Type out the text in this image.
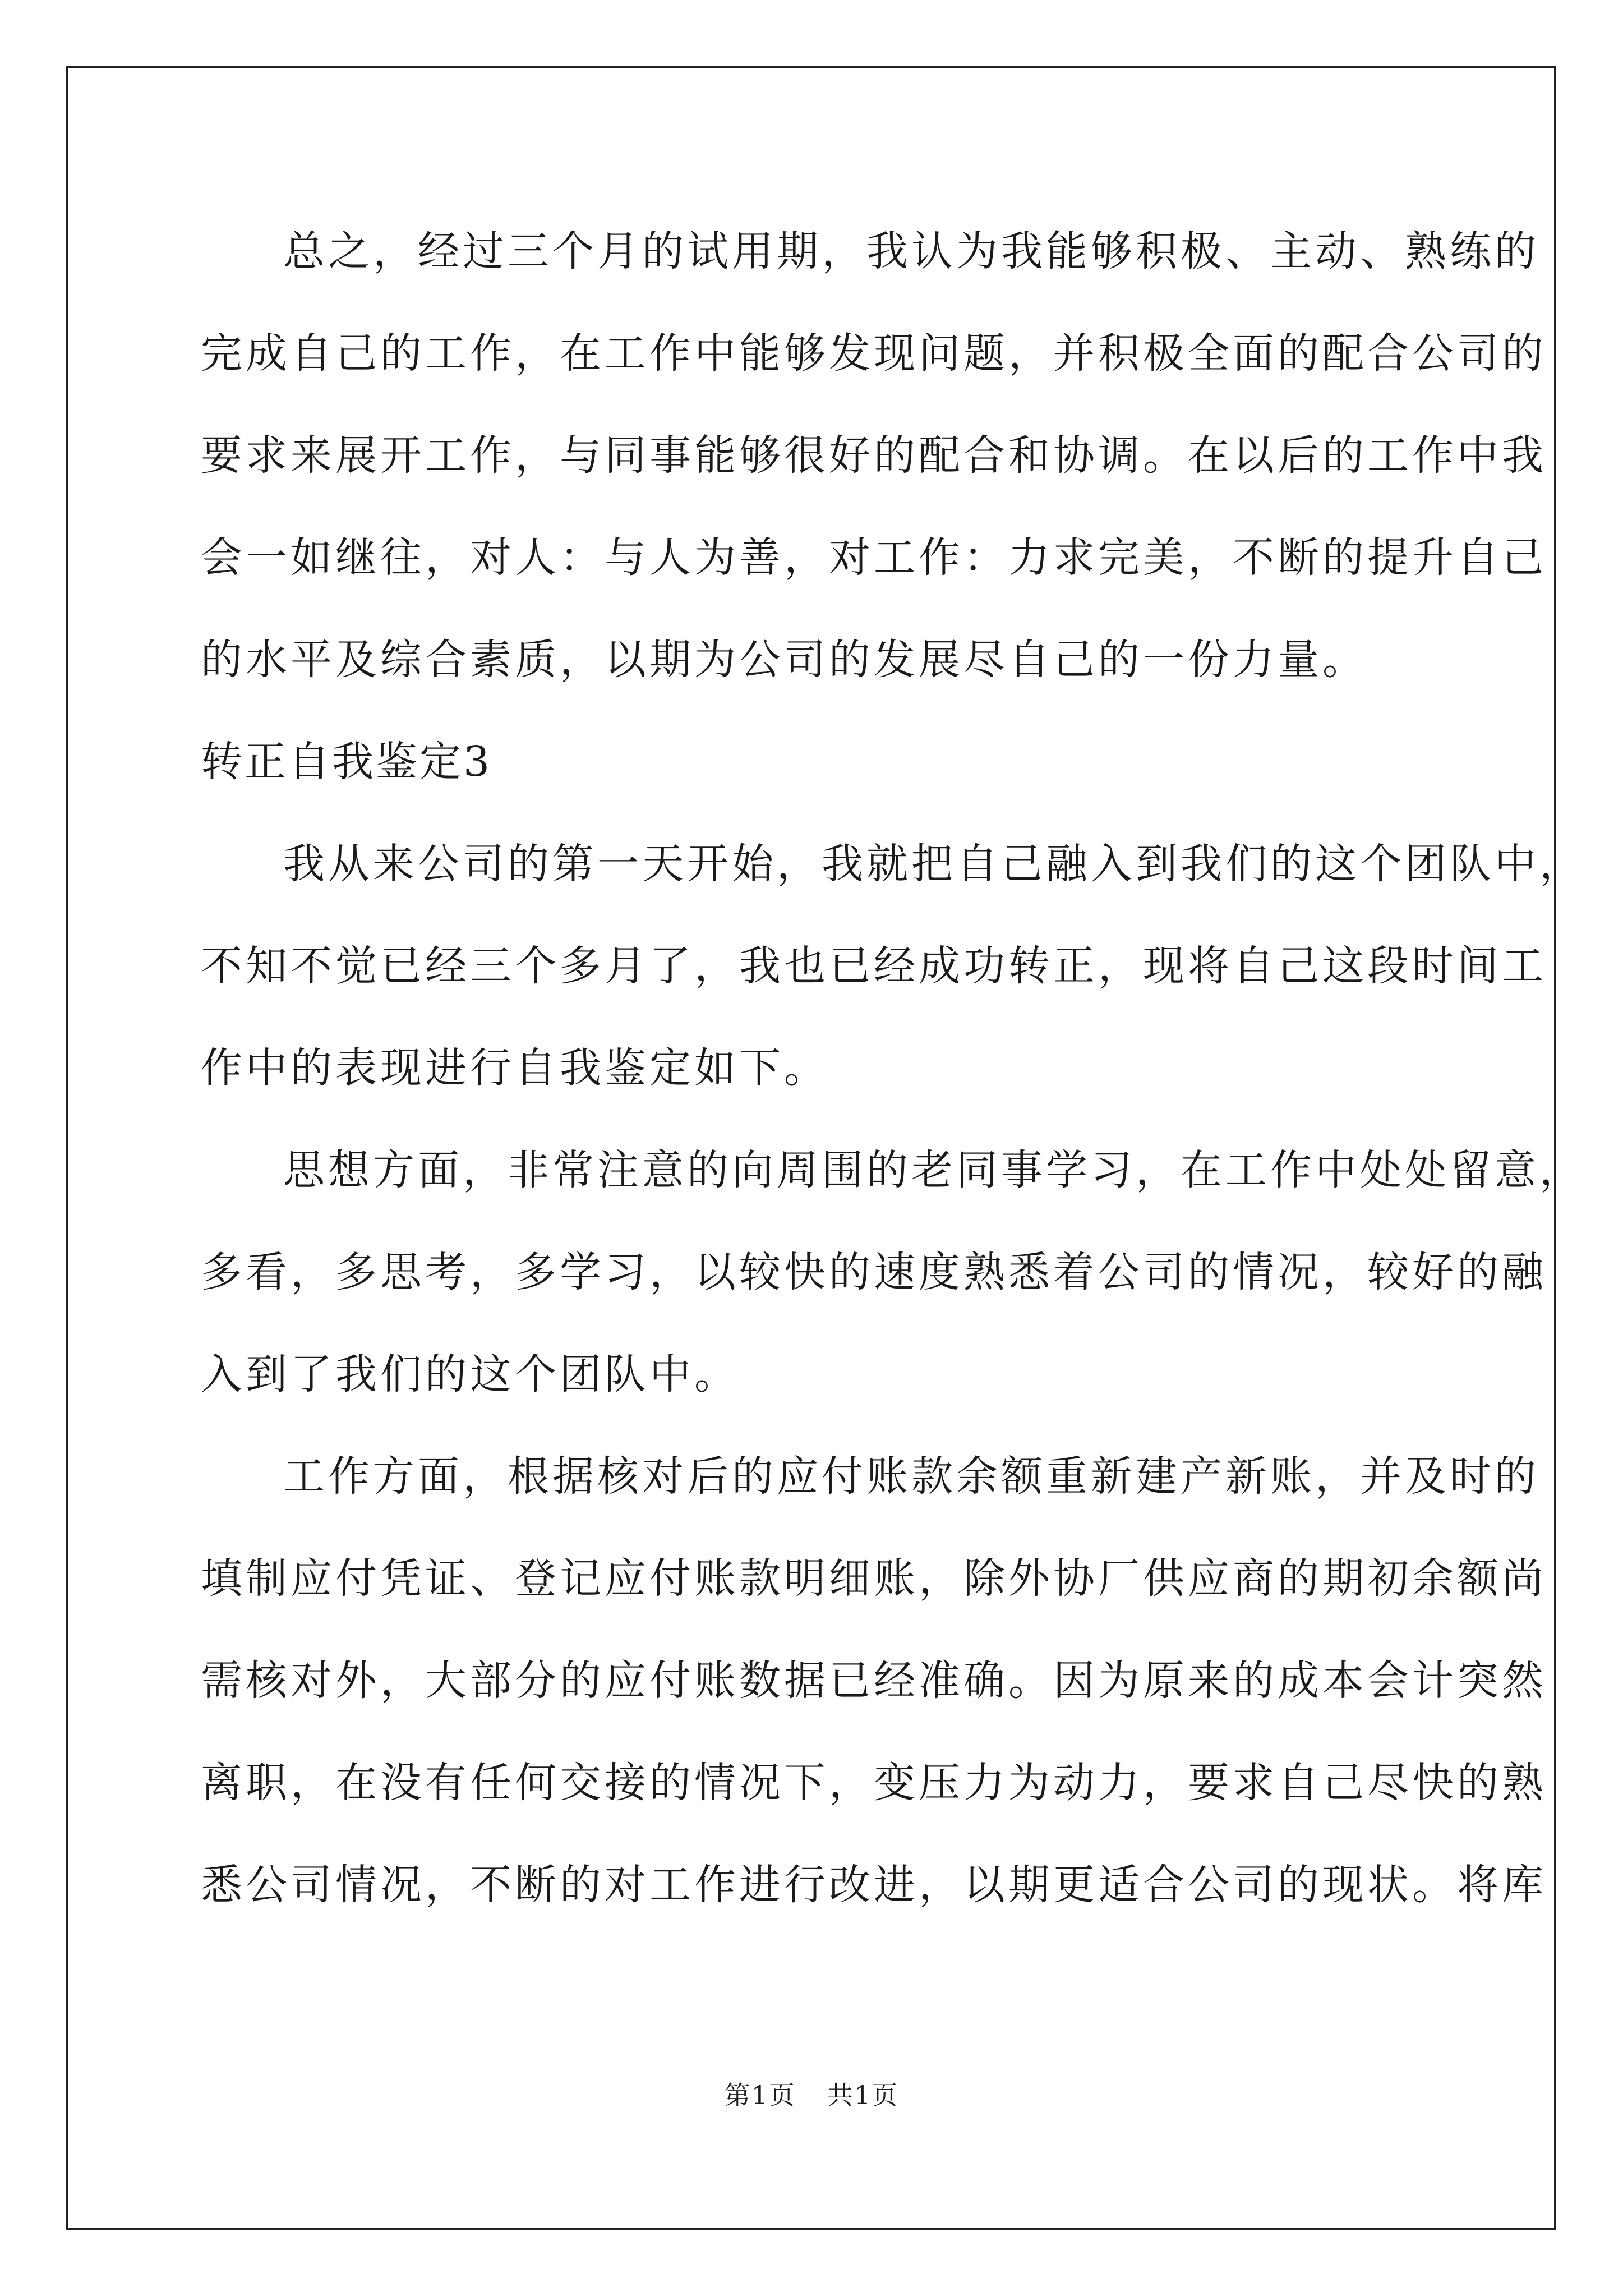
总之，经过三个月的试用期，我认为我能够积极、主动、熟练的
完成自己的工作，在工作中能够发现问题，并积极全面的配合公司的
要求来展开工作，与同事能够很好的配合和协调。在以后的工作中我
会一如继往，对人：与人为善，对工作：力求完美，不断的提升自己
的水平及综合素质，以期为公司的发展尽自己的一份力量。
转正自我鉴定3
我从来公司的第一天开始，我就把自己融入到我们的这个团队中，
不知不觉已经三个多月了，我也已经成功转正，现将自己这段时间工
作中的表现进行自我鉴定如下。
思想方面，非常注意的向周围的老同事学习，在工作中处处留意，
多看，多思考，多学习，以较快的速度熟悉着公司的情况，较好的融
入到了我们的这个团队中。
工作方面，根据核对后的应付账款余额重新建产新账，并及时的
填制应付凭证、登记应付账款明细账，除外协厂供应商的期初余额尚
需核对外，大部分的应付账数据已经准确。因为原来的成本会计突然
离职，在没有任何交接的情况下，变压力为动力，要求自己尽快的熟
悉公司情况，不断的对工作进行改进，以期更适合公司的现状。将库
第1页 共1页
